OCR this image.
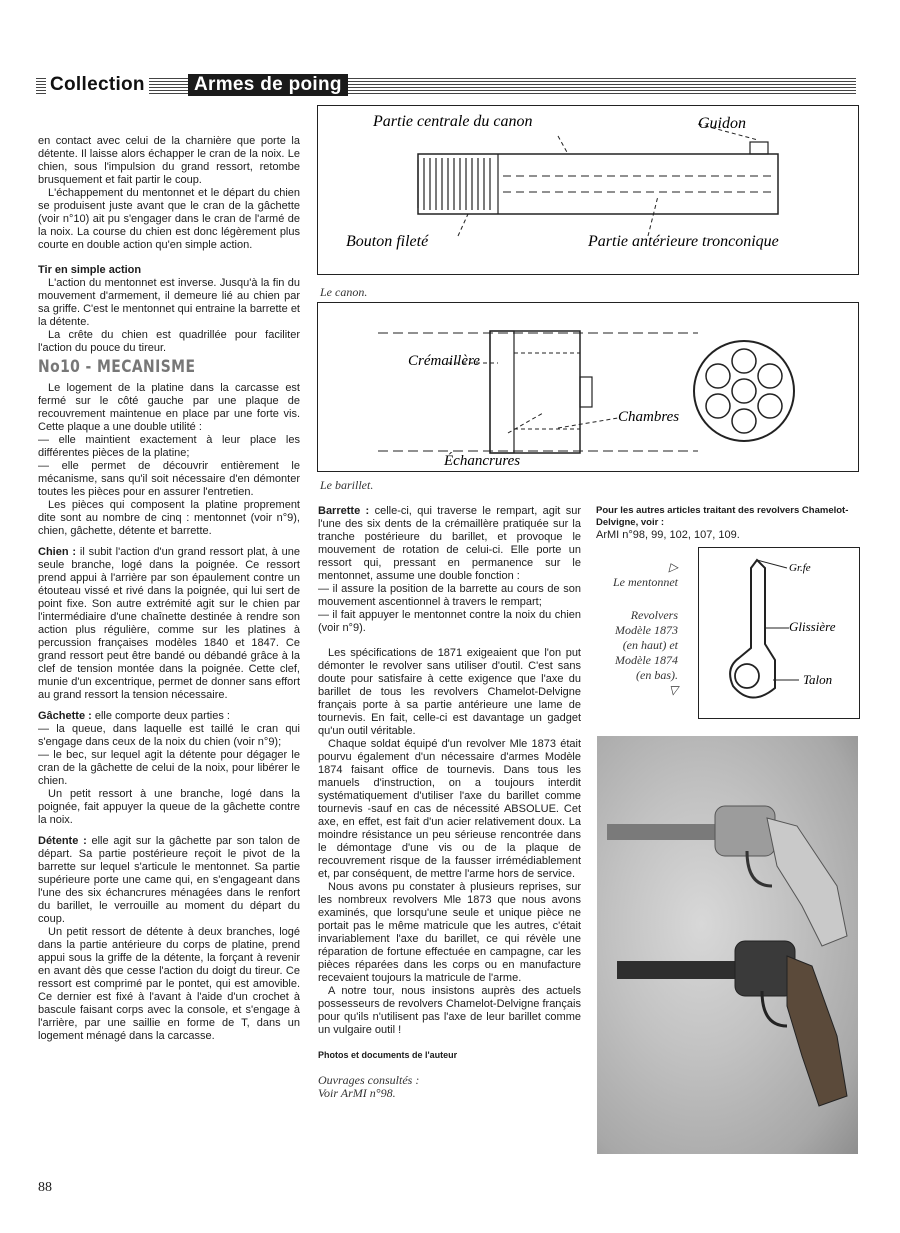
Collection	Armes de poing

en contact avec celui de la charnière que porte la détente. Il laisse alors échapper le cran de la noix. Le chien, sous l'impulsion du grand ressort, retombe brusquement et fait partir le coup.

L'échappement du mentonnet et le départ du chien se produisent juste avant que le cran de la gâchette (voir n°10) ait pu s'engager dans le cran de l'armé de la noix. La course du chien est donc légèrement plus courte en double action qu'en simple action.

Tir en simple action

L'action du mentonnet est inverse. Jusqu'à la fin du mouvement d'armement, il demeure lié au chien par sa griffe. C'est le mentonnet qui entraine la barrette et la détente.

La crête du chien est quadrillée pour faciliter l'action du pouce du tireur.

No10 - MECANISME

Le logement de la platine dans la carcasse est fermé sur le côté gauche par une plaque de recouvrement maintenue en place par une forte vis. Cette plaque a une double utilité :

— elle maintient exactement à leur place les différentes pièces de la platine;

— elle permet de découvrir entièrement le mécanisme, sans qu'il soit nécessaire d'en démonter toutes les pièces pour en assurer l'entretien.

Les pièces qui composent la platine proprement dite sont au nombre de cinq : mentonnet (voir n°9), chien, gâchette, détente et barrette.

Chien : il subit l'action d'un grand ressort plat, à une seule branche, logé dans la poignée. Ce ressort prend appui à l'arrière par son épaulement contre un étouteau vissé et rivé dans la poignée, qui lui sert de point fixe. Son autre extrémité agit sur le chien par l'intermédiaire d'une chaînette destinée à rendre son action plus régulière, comme sur les platines à percussion françaises modèles 1840 et 1847. Ce grand ressort peut être bandé ou débandé grâce à la clef de tension montée dans la poignée. Cette clef, munie d'un excentrique, permet de donner sans effort au grand ressort la tension nécessaire.

Gâchette : elle comporte deux parties :

— la queue, dans laquelle est taillé le cran qui s'engage dans ceux de la noix du chien (voir n°9);

— le bec, sur lequel agit la détente pour dégager le cran de la gâchette de celui de la noix, pour libérer le chien.

Un petit ressort à une branche, logé dans la poignée, fait appuyer la queue de la gâchette contre la noix.

Détente : elle agit sur la gâchette par son talon de départ. Sa partie postérieure reçoit le pivot de la barrette sur lequel s'articule le mentonnet. Sa partie supérieure porte une came qui, en s'engageant dans l'une des six échancrures ménagées dans le renfort du barillet, le verrouille au moment du départ du coup.

Un petit ressort de détente à deux branches, logé dans la partie antérieure du corps de platine, prend appui sous la griffe de la détente, la forçant à revenir en avant dès que cesse l'action du doigt du tireur. Ce ressort est comprimé par le pontet, qui est amovible. Ce dernier est fixé à l'avant à l'aide d'un crochet à bascule faisant corps avec la console, et s'engage à l'arrière, par une saillie en forme de T, dans un logement ménagé dans la carcasse.

Partie centrale du canon	Guidon
Bouton fileté	Partie antérieure tronconique
Le canon.
Crémaillère
Chambres
Échancrures
Le barillet.

Barrette : celle-ci, qui traverse le rempart, agit sur l'une des six dents de la crémaillère pratiquée sur la tranche postérieure du barillet, et provoque le mouvement de rotation de celui-ci. Elle porte un ressort qui, pressant en permanence sur le mentonnet, assume une double fonction :

— il assure la position de la barrette au cours de son mouvement ascentionnel à travers le rempart;

— il fait appuyer le mentonnet contre la noix du chien (voir n°9).

Les spécifications de 1871 exigeaient que l'on put démonter le revolver sans utiliser d'outil. C'est sans doute pour satisfaire à cette exigence que l'axe du barillet de tous les revolvers Chamelot-Delvigne français porte à sa partie antérieure une lame de tournevis. En fait, celle-ci est davantage un gadget qu'un outil véritable.

Chaque soldat équipé d'un revolver Mle 1873 était pourvu également d'un nécessaire d'armes Modèle 1874 faisant office de tournevis. Dans tous les manuels d'instruction, on a toujours interdit systématiquement d'utiliser l'axe du barillet comme tournevis -sauf en cas de nécessité ABSOLUE. Cet axe, en effet, est fait d'un acier relativement doux. La moindre résistance un peu sérieuse rencontrée dans le démontage d'une vis ou de la plaque de recouvrement risque de la fausser irrémédiablement et, par conséquent, de mettre l'arme hors de service.

Nous avons pu constater à plusieurs reprises, sur les nombreux revolvers Mle 1873 que nous avons examinés, que lorsqu'une seule et unique pièce ne portait pas le même matricule que les autres, c'était invariablement l'axe du barillet, ce qui révèle une réparation de fortune effectuée en campagne, car les pièces réparées dans les corps ou en manufacture recevaient toujours la matricule de l'arme.

A notre tour, nous insistons auprès des actuels possesseurs de revolvers Chamelot-Delvigne français pour qu'ils n'utilisent pas l'axe de leur barillet comme un vulgaire outil !

Photos et documents de l'auteur

Ouvrages consultés :

Voir ArMI n°98.

Pour les autres articles traitant des revolvers Chamelot-Delvigne, voir :

ArMI n°98, 99, 102, 107, 109.

▷
Le mentonnet
Revolvers Modèle 1873 (en haut) et Modèle 1874 (en bas).
▽
Gr.fe
Glissière
Talon
88
